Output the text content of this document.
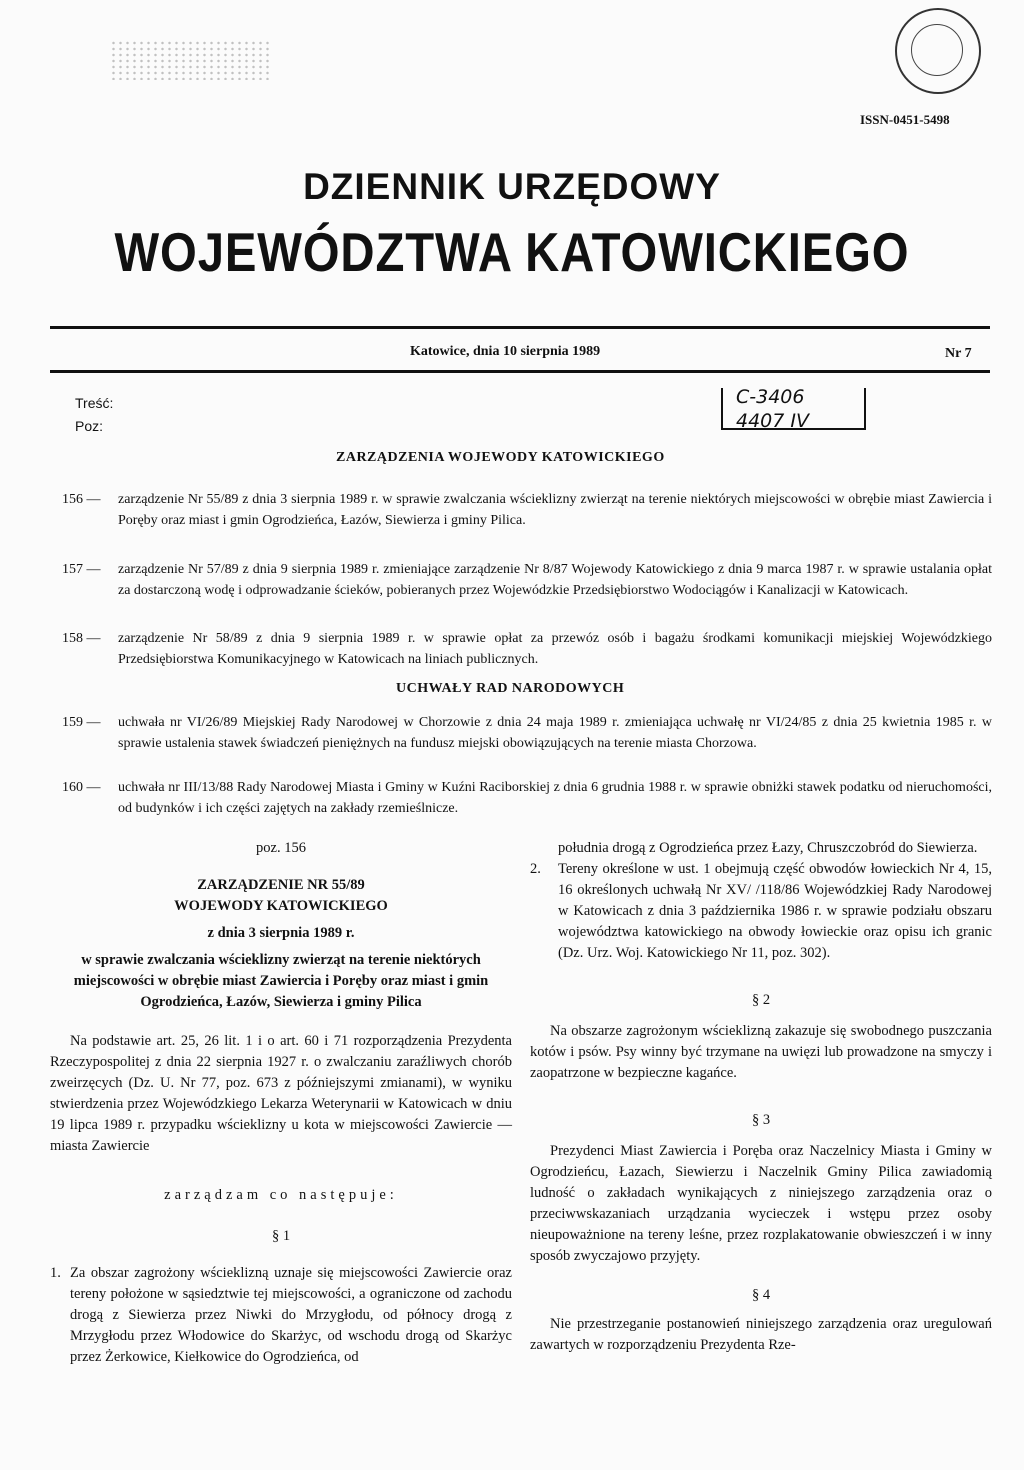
ISSN-0451-5498
DZIENNIK URZĘDOWY
WOJEWÓDZTWA KATOWICKIEGO
Katowice, dnia 10 sierpnia 1989	Nr 7
Treść:
Poz:
C-3406
4407 IV
ZARZĄDZENIA WOJEWODY KATOWICKIEGO
156 — zarządzenie Nr 55/89 z dnia 3 sierpnia 1989 r. w sprawie zwalczania wścieklizny zwierząt na terenie niektórych miejscowości w obrębie miast Zawiercia i Poręby oraz miast i gmin Ogrodzieńca, Łazów, Siewierza i gminy Pilica.
157 — zarządzenie Nr 57/89 z dnia 9 sierpnia 1989 r. zmieniające zarządzenie Nr 8/87 Wojewody Katowickiego z dnia 9 marca 1987 r. w sprawie ustalania opłat za dostarczoną wodę i odprowadzanie ścieków, pobieranych przez Wojewódzkie Przedsiębiorstwo Wodociągów i Kanalizacji w Katowicach.
158 — zarządzenie Nr 58/89 z dnia 9 sierpnia 1989 r. w sprawie opłat za przewóz osób i bagażu środkami komunikacji miejskiej Wojewódzkiego Przedsiębiorstwa Komunikacyjnego w Katowicach na liniach publicznych.
UCHWAŁY RAD NARODOWYCH
159 — uchwała nr VI/26/89 Miejskiej Rady Narodowej w Chorzowie z dnia 24 maja 1989 r. zmieniająca uchwałę nr VI/24/85 z dnia 25 kwietnia 1985 r. w sprawie ustalenia stawek świadczeń pieniężnych na fundusz miejski obowiązujących na terenie miasta Chorzowa.
160 — uchwała nr III/13/88 Rady Narodowej Miasta i Gminy w Kuźni Raciborskiej z dnia 6 grudnia 1988 r. w sprawie obniżki stawek podatku od nieruchomości, od budynków i ich części zajętych na zakłady rzemieślnicze.

poz. 156

ZARZĄDZENIE NR 55/89

WOJEWODY KATOWICKIEGO

z dnia 3 sierpnia 1989 r.

w sprawie zwalczania wścieklizny zwierząt na terenie niektórych miejscowości w obrębie miast Zawiercia i Poręby oraz miast i gmin Ogrodzieńca, Łazów, Siewierza i gminy Pilica

Na podstawie art. 25, 26 lit. 1 i o art. 60 i 71 rozporządzenia Prezydenta Rzeczypospolitej z dnia 22 sierpnia 1927 r. o zwalczaniu zaraźliwych chorób zweirzęcych (Dz. U. Nr 77, poz. 673 z późniejszymi zmianami), w wyniku stwierdzenia przez Wojewódzkiego Lekarza Weterynarii w Katowicach w dniu 19 lipca 1989 r. przypadku wścieklizny u kota w miejscowości Zawiercie — miasta Zawiercie

zarządzam co następuje:

§ 1

1. Za obszar zagrożony wścieklizną uznaje się miejscowości Zawiercie oraz tereny położone w sąsiedztwie tej miejscowości, a ograniczone od zachodu drogą z Siewierza przez Niwki do Mrzygłodu, od północy drogą z Mrzygłodu przez Włodowice do Skarżyc, od wschodu drogą od Skarżyc przez Żerkowice, Kiełkowice do Ogrodzieńca, od

południa drogą z Ogrodzieńca przez Łazy, Chruszczobród do Siewierza.

2.	Tereny określone w ust. 1 obejmują część obwodów łowieckich Nr 4, 15, 16 określonych uchwałą Nr XV/ /118/86 Wojewódzkiej Rady Narodowej w Katowicach z dnia 3 października 1986 r. w sprawie podziału obszaru województwa katowickiego na obwody łowieckie oraz opisu ich granic (Dz. Urz. Woj. Katowickiego Nr 11, poz. 302).

§ 2

Na obszarze zagrożonym wścieklizną zakazuje się swobodnego puszczania kotów i psów. Psy winny być trzymane na uwięzi lub prowadzone na smyczy i zaopatrzone w bezpieczne kagańce.

§ 3

Prezydenci Miast Zawiercia i Poręba oraz Naczelnicy Miasta i Gminy w Ogrodzieńcu, Łazach, Siewierzu i Naczelnik Gminy Pilica zawiadomią ludność o zakładach wynikających z niniejszego zarządzenia oraz o przeciwwskazaniach urządzania wycieczek i wstępu przez osoby nieupoważnione na tereny leśne, przez rozplakatowanie obwieszczeń i w inny sposób zwyczajowo przyjęty.

§ 4

Nie przestrzeganie postanowień niniejszego zarządzenia oraz uregulowań zawartych w rozporządzeniu Prezydenta Rze-
